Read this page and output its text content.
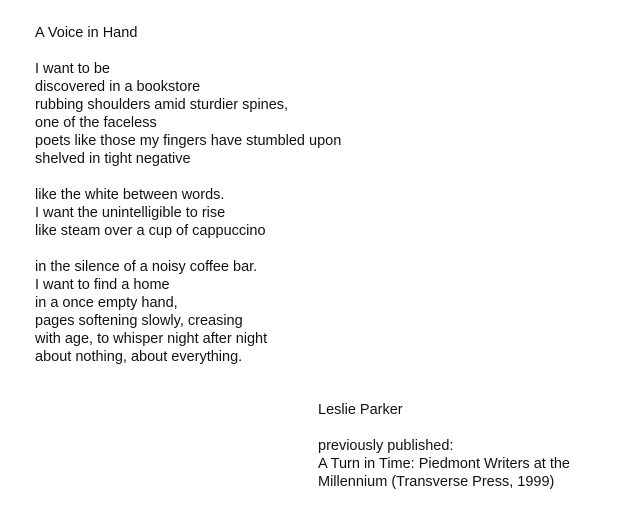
A Voice in Hand
I want to be
discovered in a bookstore
rubbing shoulders amid sturdier spines,
one of the faceless
poets like those my fingers have stumbled upon
shelved in tight negative
like the white between words.
I want the unintelligible to rise
like steam over a cup of cappuccino
in the silence of a noisy coffee bar.
I want to find a home
in a once empty hand,
pages softening slowly, creasing
with age, to whisper night after night
about nothing, about everything.
Leslie Parker
previously published:
A Turn in Time: Piedmont Writers at the
Millennium (Transverse Press, 1999)
